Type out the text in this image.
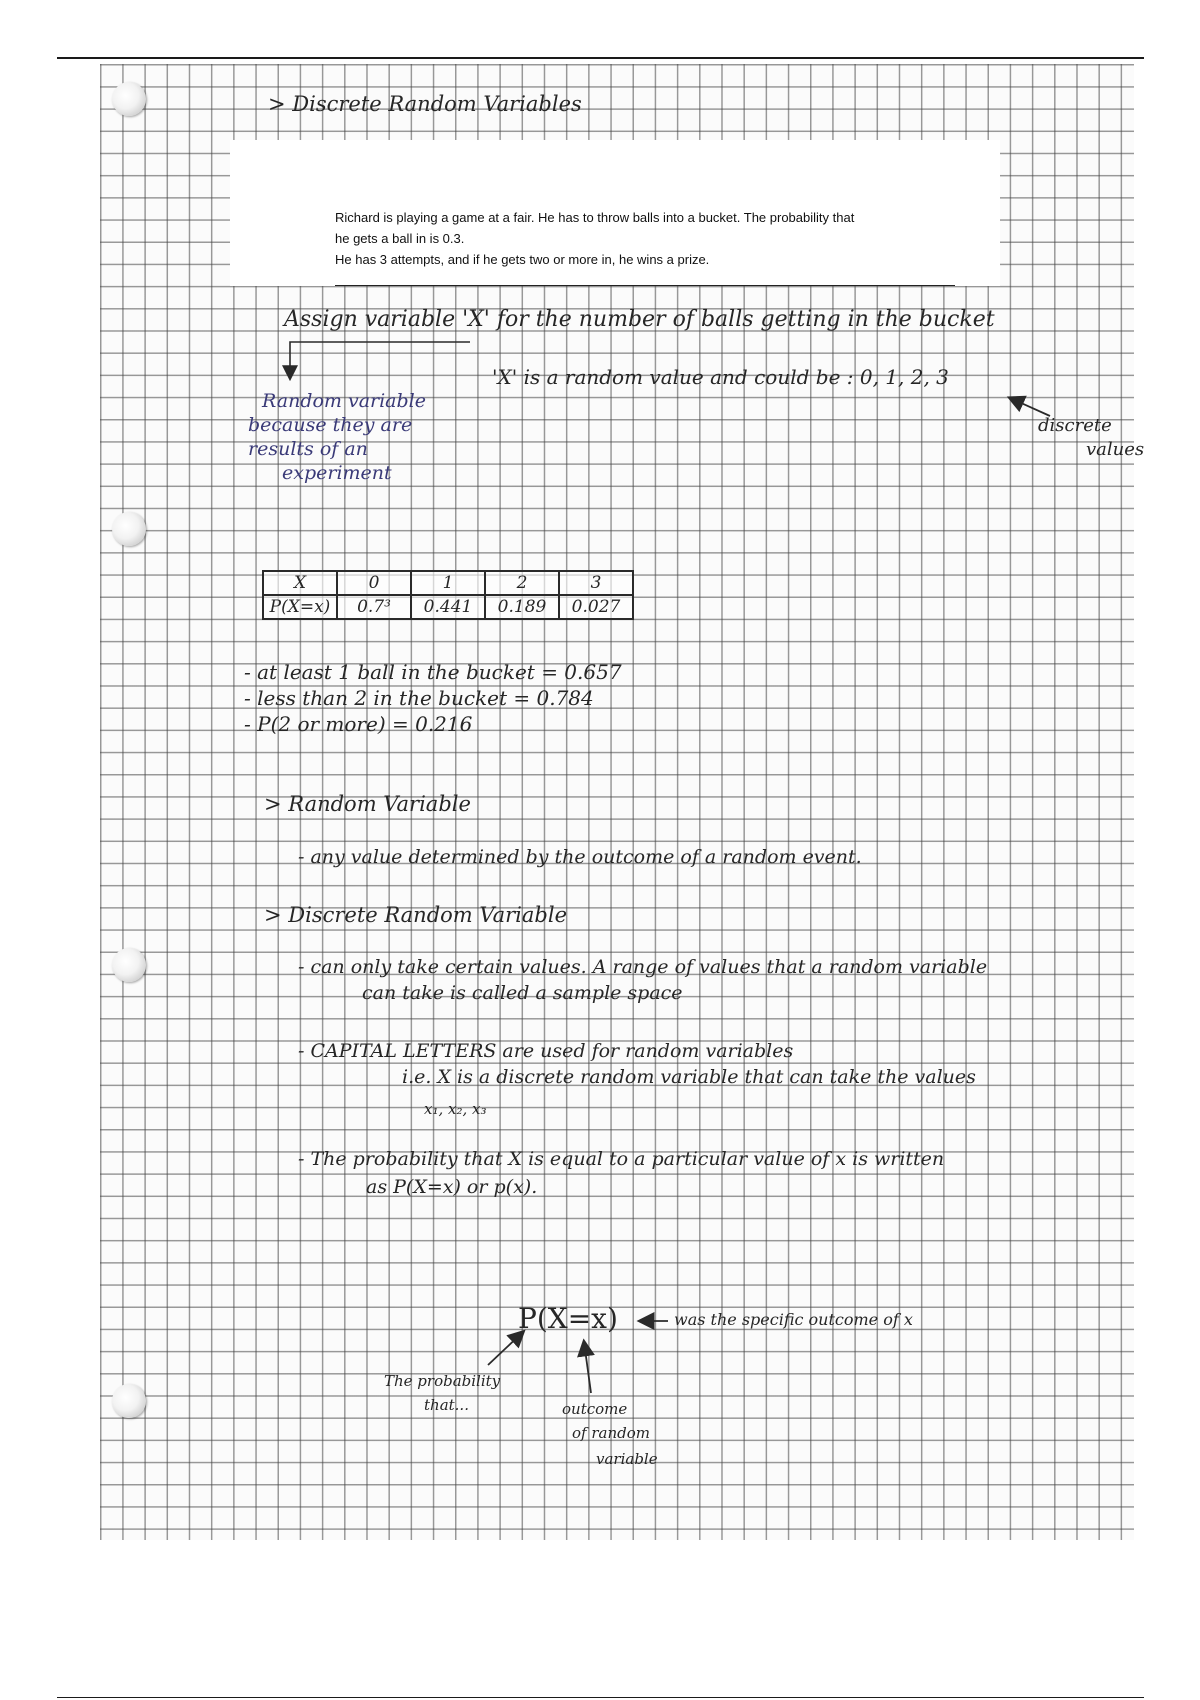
> Discrete Random Variables
Richard is playing a game at a fair. He has to throw balls into a bucket. The probability that
he gets a ball in is 0.3.
He has 3 attempts, and if he gets two or more in, he wins a prize.
Assign variable 'X' for the number of balls getting in the bucket
'X' is a random value and could be : 0, 1, 2, 3
Random variable
because they are
results of an
experiment
discrete
values
X	0	1	2	3
P(X=x)	0.7³	0.441	0.189	0.027
- at least 1 ball in the bucket = 0.657
- less than 2 in the bucket = 0.784
- P(2 or more) = 0.216
> Random Variable
- any value determined by the outcome of a random event.
> Discrete Random Variable
- can only take certain values. A range of values that a random variable
can take is called a sample space
- CAPITAL LETTERS are used for random variables
i.e. X is a discrete random variable that can take the values
x₁, x₂, x₃
- The probability that X is equal to a particular value of x is written
as P(X=x) or p(x).
P(X=x)	was the specific outcome of x
The probability
that...	outcome
of random
variable
